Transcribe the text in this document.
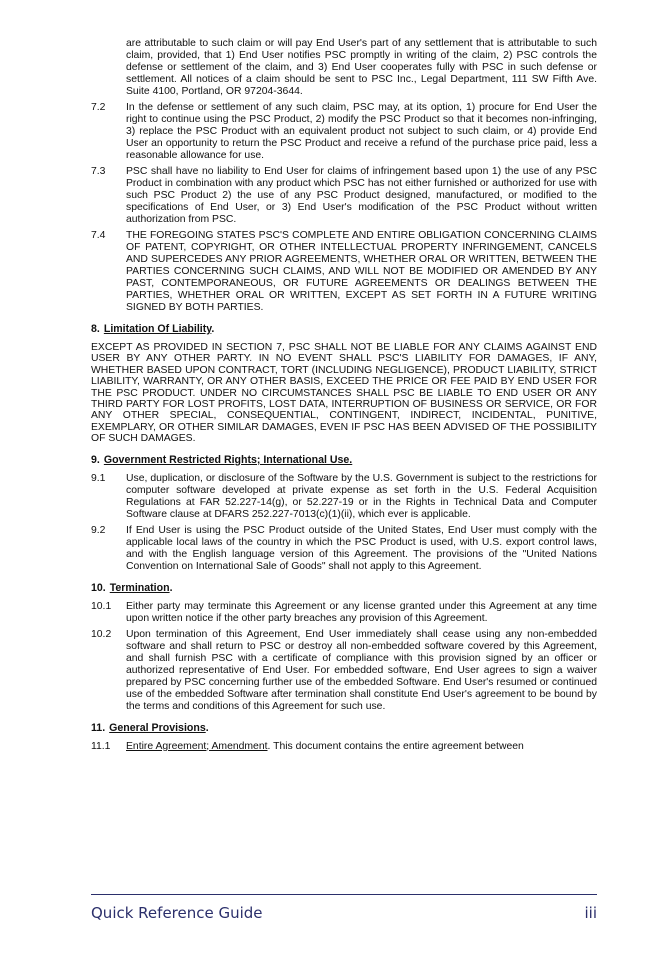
are attributable to such claim or will pay End User's part of any settlement that is attributable to such claim, provided, that 1) End User notifies PSC promptly in writing of the claim, 2) PSC controls the defense or settlement of the claim, and 3) End User cooperates fully with PSC in such defense or settlement. All notices of a claim should be sent to PSC Inc., Legal Department, 111 SW Fifth Ave. Suite 4100, Portland, OR 97204-3644.
7.2 In the defense or settlement of any such claim, PSC may, at its option, 1) procure for End User the right to continue using the PSC Product, 2) modify the PSC Product so that it becomes non-infringing, 3) replace the PSC Product with an equivalent product not subject to such claim, or 4) provide End User an opportunity to return the PSC Product and receive a refund of the purchase price paid, less a reasonable allowance for use.
7.3 PSC shall have no liability to End User for claims of infringement based upon 1) the use of any PSC Product in combination with any product which PSC has not either furnished or authorized for use with such PSC Product 2) the use of any PSC Product designed, manufactured, or modified to the specifications of End User, or 3) End User's modification of the PSC Product without written authorization from PSC.
7.4 THE FOREGOING STATES PSC'S COMPLETE AND ENTIRE OBLIGATION CONCERNING CLAIMS OF PATENT, COPYRIGHT, OR OTHER INTELLECTUAL PROPERTY INFRINGEMENT, CANCELS AND SUPERCEDES ANY PRIOR AGREEMENTS, WHETHER ORAL OR WRITTEN, BETWEEN THE PARTIES CONCERNING SUCH CLAIMS, AND WILL NOT BE MODIFIED OR AMENDED BY ANY PAST, CONTEMPORANEOUS, OR FUTURE AGREEMENTS OR DEALINGS BETWEEN THE PARTIES, WHETHER ORAL OR WRITTEN, EXCEPT AS SET FORTH IN A FUTURE WRITING SIGNED BY BOTH PARTIES.
8. Limitation Of Liability.
EXCEPT AS PROVIDED IN SECTION 7, PSC SHALL NOT BE LIABLE FOR ANY CLAIMS AGAINST END USER BY ANY OTHER PARTY. IN NO EVENT SHALL PSC'S LIABILITY FOR DAMAGES, IF ANY, WHETHER BASED UPON CONTRACT, TORT (INCLUDING NEGLIGENCE), PRODUCT LIABILITY, STRICT LIABILITY, WARRANTY, OR ANY OTHER BASIS, EXCEED THE PRICE OR FEE PAID BY END USER FOR THE PSC PRODUCT. UNDER NO CIRCUMSTANCES SHALL PSC BE LIABLE TO END USER OR ANY THIRD PARTY FOR LOST PROFITS, LOST DATA, INTERRUPTION OF BUSINESS OR SERVICE, OR FOR ANY OTHER SPECIAL, CONSEQUENTIAL, CONTINGENT, INDIRECT, INCIDENTAL, PUNITIVE, EXEMPLARY, OR OTHER SIMILAR DAMAGES, EVEN IF PSC HAS BEEN ADVISED OF THE POSSIBILITY OF SUCH DAMAGES.
9. Government Restricted Rights; International Use.
9.1 Use, duplication, or disclosure of the Software by the U.S. Government is subject to the restrictions for computer software developed at private expense as set forth in the U.S. Federal Acquisition Regulations at FAR 52.227-14(g), or 52.227-19 or in the Rights in Technical Data and Computer Software clause at DFARS 252.227-7013(c)(1)(ii), which ever is applicable.
9.2 If End User is using the PSC Product outside of the United States, End User must comply with the applicable local laws of the country in which the PSC Product is used, with U.S. export control laws, and with the English language version of this Agreement. The provisions of the "United Nations Convention on International Sale of Goods" shall not apply to this Agreement.
10. Termination.
10.1 Either party may terminate this Agreement or any license granted under this Agreement at any time upon written notice if the other party breaches any provision of this Agreement.
10.2 Upon termination of this Agreement, End User immediately shall cease using any non-embedded software and shall return to PSC or destroy all non-embedded software covered by this Agreement, and shall furnish PSC with a certificate of compliance with this provision signed by an officer or authorized representative of End User. For embedded software, End User agrees to sign a waiver prepared by PSC concerning further use of the embedded Software. End User's resumed or continued use of the embedded Software after termination shall constitute End User's agreement to be bound by the terms and conditions of this Agreement for such use.
11. General Provisions.
11.1 Entire Agreement; Amendment. This document contains the entire agreement between
Quick Reference Guide	iii
